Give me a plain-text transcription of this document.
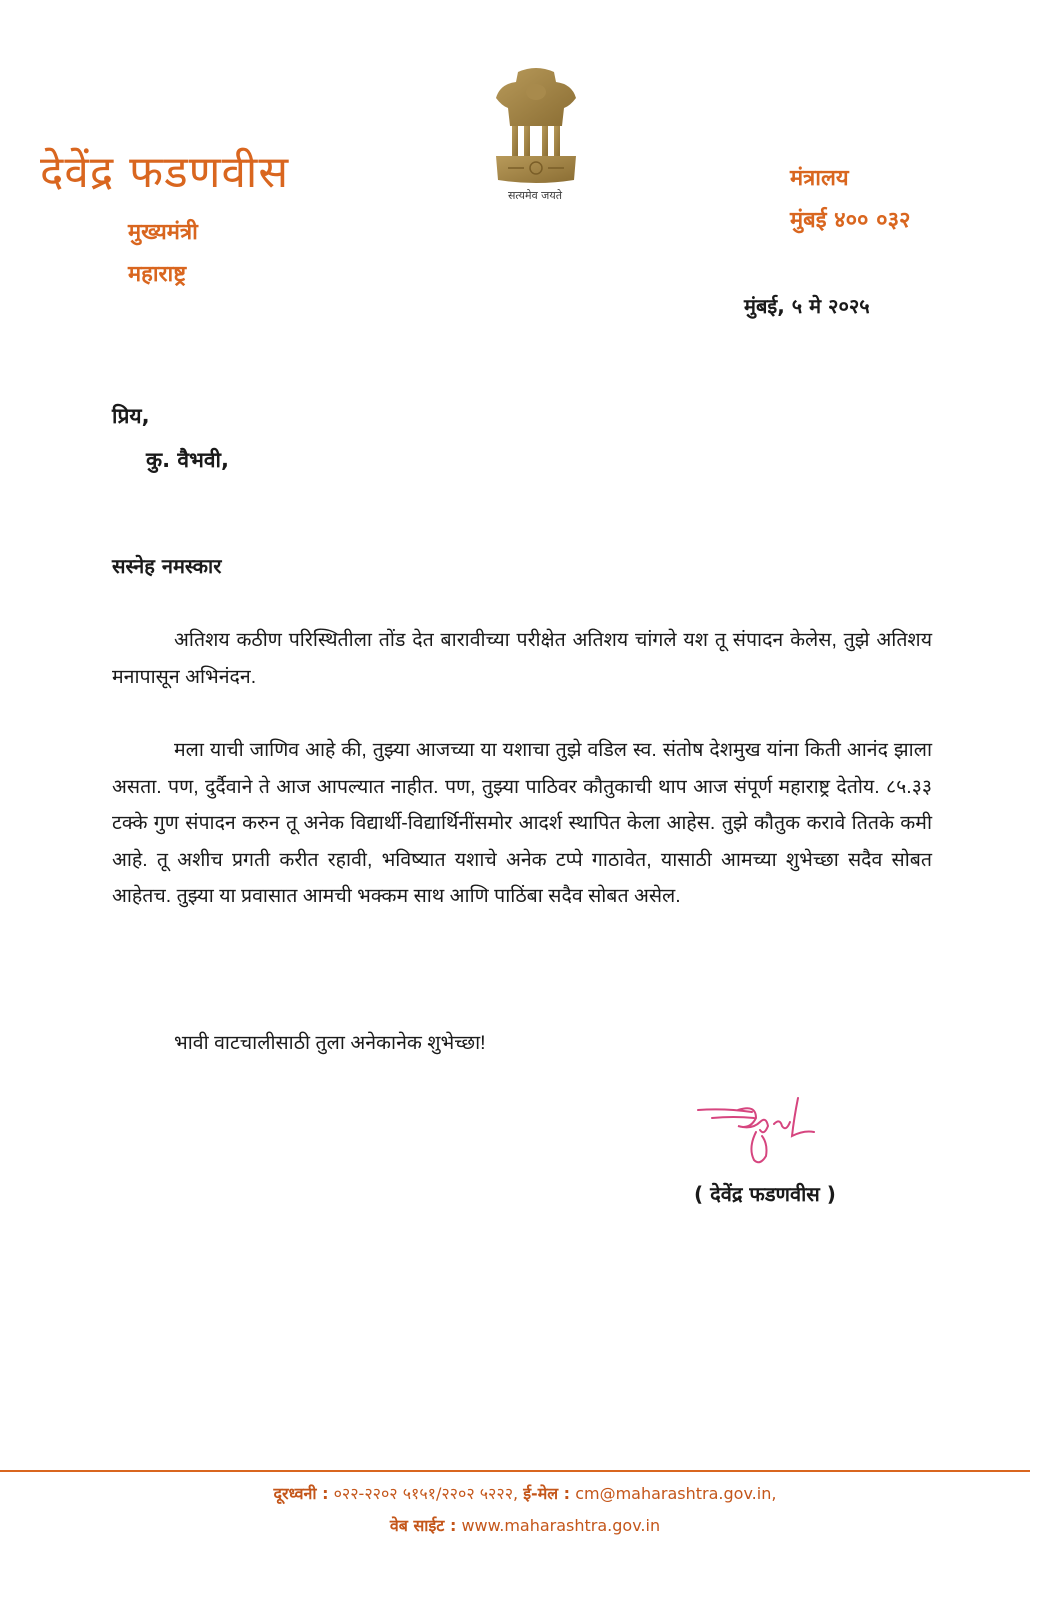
देवेंद्र फडणवीस
मुख्यमंत्री
महाराष्ट्र
सत्यमेव जयते
मंत्रालय
मुंबई ४०० ०३२
मुंबई, ५ मे २०२५
प्रिय,
कु. वैभवी,
सस्नेह नमस्कार
अतिशय कठीण परिस्थितीला तोंड देत बारावीच्या परीक्षेत अतिशय चांगले यश तू संपादन केलेस, तुझे अतिशय मनापासून अभिनंदन.
मला याची जाणिव आहे की, तुझ्या आजच्या या यशाचा तुझे वडिल स्व. संतोष देशमुख यांना किती आनंद झाला असता. पण, दुर्दैवाने ते आज आपल्यात नाहीत. पण, तुझ्या पाठिवर कौतुकाची थाप आज संपूर्ण महाराष्ट्र देतोय. ८५.३३ टक्के गुण संपादन करुन तू अनेक विद्यार्थी-विद्यार्थिनींसमोर आदर्श स्थापित केला आहेस. तुझे कौतुक करावे तितके कमी आहे. तू अशीच प्रगती करीत रहावी, भविष्यात यशाचे अनेक टप्पे गाठावेत, यासाठी आमच्या शुभेच्छा सदैव सोबत आहेतच. तुझ्या या प्रवासात आमची भक्कम साथ आणि पाठिंबा सदैव सोबत असेल.
भावी वाटचालीसाठी तुला अनेकानेक शुभेच्छा!
( देवेंद्र फडणवीस )
दूरध्वनी : ०२२-२२०२ ५१५१/२२०२ ५२२२, ई-मेल : cm@maharashtra.gov.in,
वेब साईट : www.maharashtra.gov.in
